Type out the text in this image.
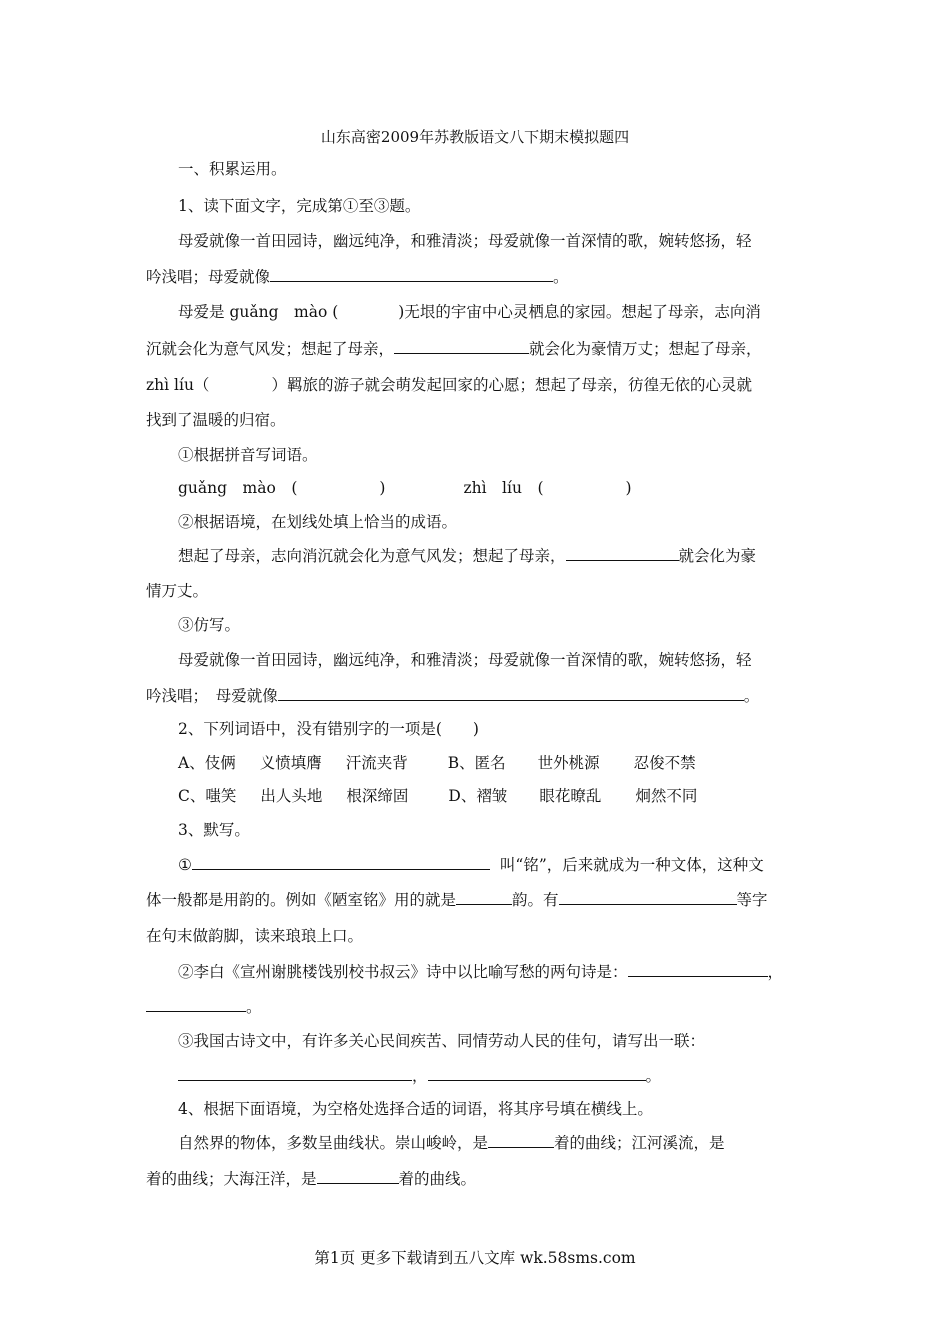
山东高密2009年苏教版语文八下期末模拟题四
一、积累运用。
1、读下面文字，完成第①至③题。
母爱就像一首田园诗，幽远纯净，和雅清淡；母爱就像一首深情的歌，婉转悠扬，轻
吟浅唱；母爱就像	。
母爱是 guǎng　mào (	)无垠的宇宙中心灵栖息的家园。想起了母亲，志向消
沉就会化为意气风发；想起了母亲，	就会化为豪情万丈；想起了母亲，
zhì líu（	）羁旅的游子就会萌发起回家的心愿；想起了母亲，彷徨无依的心灵就
找到了温暖的归宿。
①根据拼音写词语。
guǎng　mào　(	)	zhì　líu　(	)
②根据语境，在划线处填上恰当的成语。
想起了母亲，志向消沉就会化为意气风发；想起了母亲，	就会化为豪
情万丈。
③仿写。
母爱就像一首田园诗，幽远纯净，和雅清淡；母爱就像一首深情的歌，婉转悠扬，轻
吟浅唱；　母爱就像	。
2、下列词语中，没有错别字的一项是(　　)
A、伎俩 义愤填膺 汗流夹背	B、匿名 世外桃源 忍俊不禁
C、嗤笑 出人头地 根深缔固	D、褶皱 眼花暸乱 炯然不同
3、默写。
①	叫“铭”，后来就成为一种文体，这种文
体一般都是用韵的。例如《陋室铭》用的就是	韵。有	等字
在句末做韵脚，读来琅琅上口。
②李白《宣州谢朓楼饯别校书叔云》诗中以比喻写愁的两句诗是：	，
。
③我国古诗文中，有许多关心民间疾苦、同情劳动人民的佳句，请写出一联：
，	。
4、根据下面语境，为空格处选择合适的词语，将其序号填在横线上。
自然界的物体，多数呈曲线状。崇山峻岭，是	着的曲线；江河溪流，是
着的曲线；大海汪洋，是	着的曲线。
第1页 更多下载请到五八文库 wk.58sms.com
